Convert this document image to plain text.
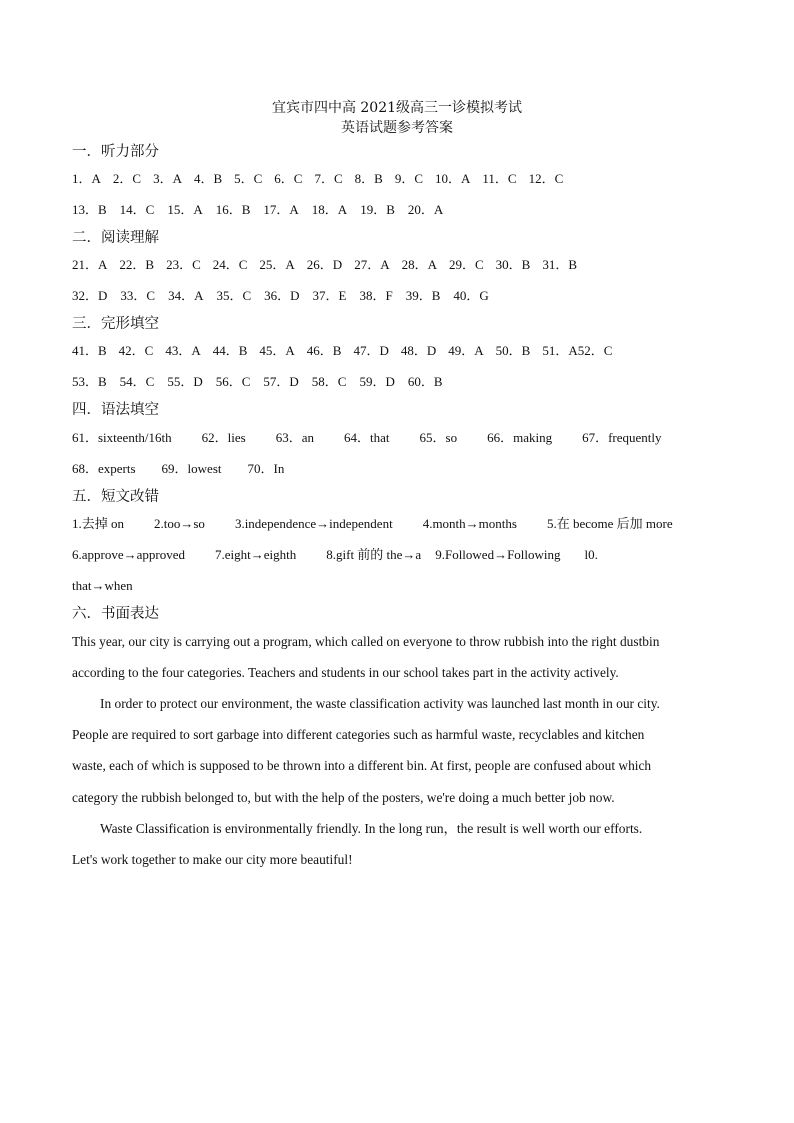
宜宾市四中高 2021级高三一诊模拟考试
英语试题参考答案
一．听力部分
1．A 2．C 3．A 4．B 5．C 6．C 7．C 8．B 9．C 10．A 11．C 12．C
13．B 14．C 15．A 16．B 17．A 18．A 19．B 20．A
二．阅读理解
21．A 22．B 23．C 24．C 25．A 26．D 27．A 28．A 29．C 30．B 31．B
32．D 33．C 34．A 35．C 36．D 37．E 38．F 39．B 40．G
三．完形填空
41．B 42．C 43．A 44．B 45．A 46．B 47．D 48．D 49．A 50．B 51．A52．C
53．B 54．C 55．D 56．C 57．D 58．C 59．D 60．B
四．语法填空
61．sixteenth/16th 62．lies 63．an 64．that 65．so 66．making 67．frequently
68．experts 69．lowest 70．In
五．短文改错
1.去掉 on 2.too→so 3.independence→independent 4.month→months 5.在 become 后加 more
6.approve→approved 7.eight→eighth 8.gift 前的 the→a 9.Followed→Following l0.
that→when
六．书面表达
This year, our city is carrying out a program, which called on everyone to throw rubbish into the right dustbin
according to the four categories. Teachers and students in our school takes part in the activity actively.
In order to protect our environment, the waste classification activity was launched last month in our city.
People are required to sort garbage into different categories such as harmful waste, recyclables and kitchen
waste, each of which is supposed to be thrown into a different bin. At first, people are confused about which
category the rubbish belonged to, but with the help of the posters, we're doing a much better job now.
Waste Classification is environmentally friendly. In the long run，the result is well worth our efforts.
Let's work together to make our city more beautiful!
